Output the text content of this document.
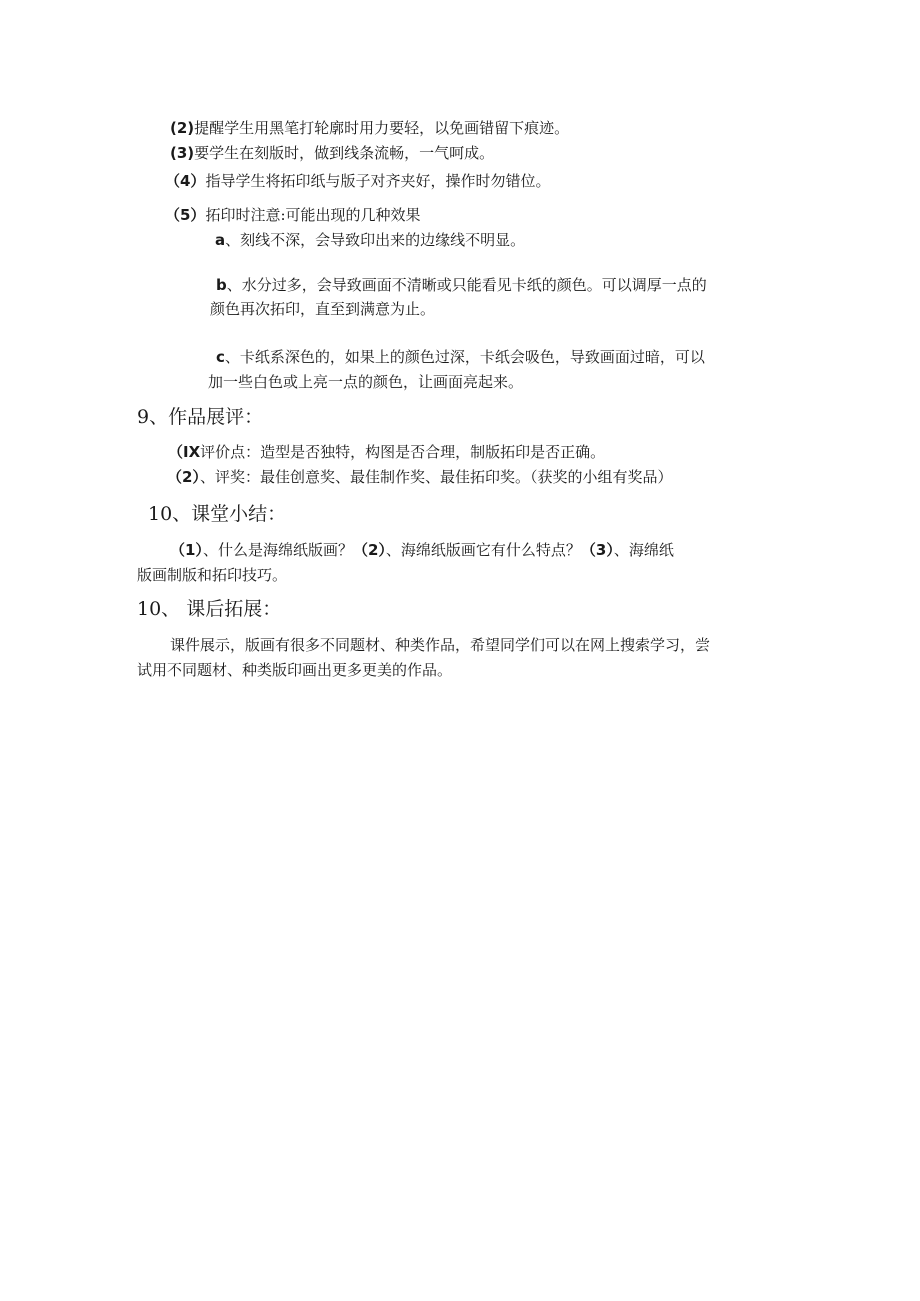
(2)提醒学生用黑笔打轮廓时用力要轻，以免画错留下痕迹。
(3)要学生在刻版时，做到线条流畅，一气呵成。
（4）指导学生将拓印纸与版子对齐夹好，操作时勿错位。
（5）拓印时注意:可能出现的几种效果
a、刻线不深，会导致印出来的边缘线不明显。
b、水分过多，会导致画面不清晰或只能看见卡纸的颜色。可以调厚一点的
颜色再次拓印，直至到满意为止。
c、卡纸系深色的，如果上的颜色过深，卡纸会吸色，导致画面过暗，可以
加一些白色或上亮一点的颜色，让画面亮起来。
9、作品展评：
（IX评价点：造型是否独特，构图是否合理，制版拓印是否正确。
（2）、评奖：最佳创意奖、最佳制作奖、最佳拓印奖。（获奖的小组有奖品）
10、课堂小结：
（1）、什么是海绵纸版画？（2）、海绵纸版画它有什么特点？（3）、海绵纸
版画制版和拓印技巧。
10、 课后拓展：
课件展示，版画有很多不同题材、种类作品，希望同学们可以在网上搜索学习，尝
试用不同题材、种类版印画出更多更美的作品。
